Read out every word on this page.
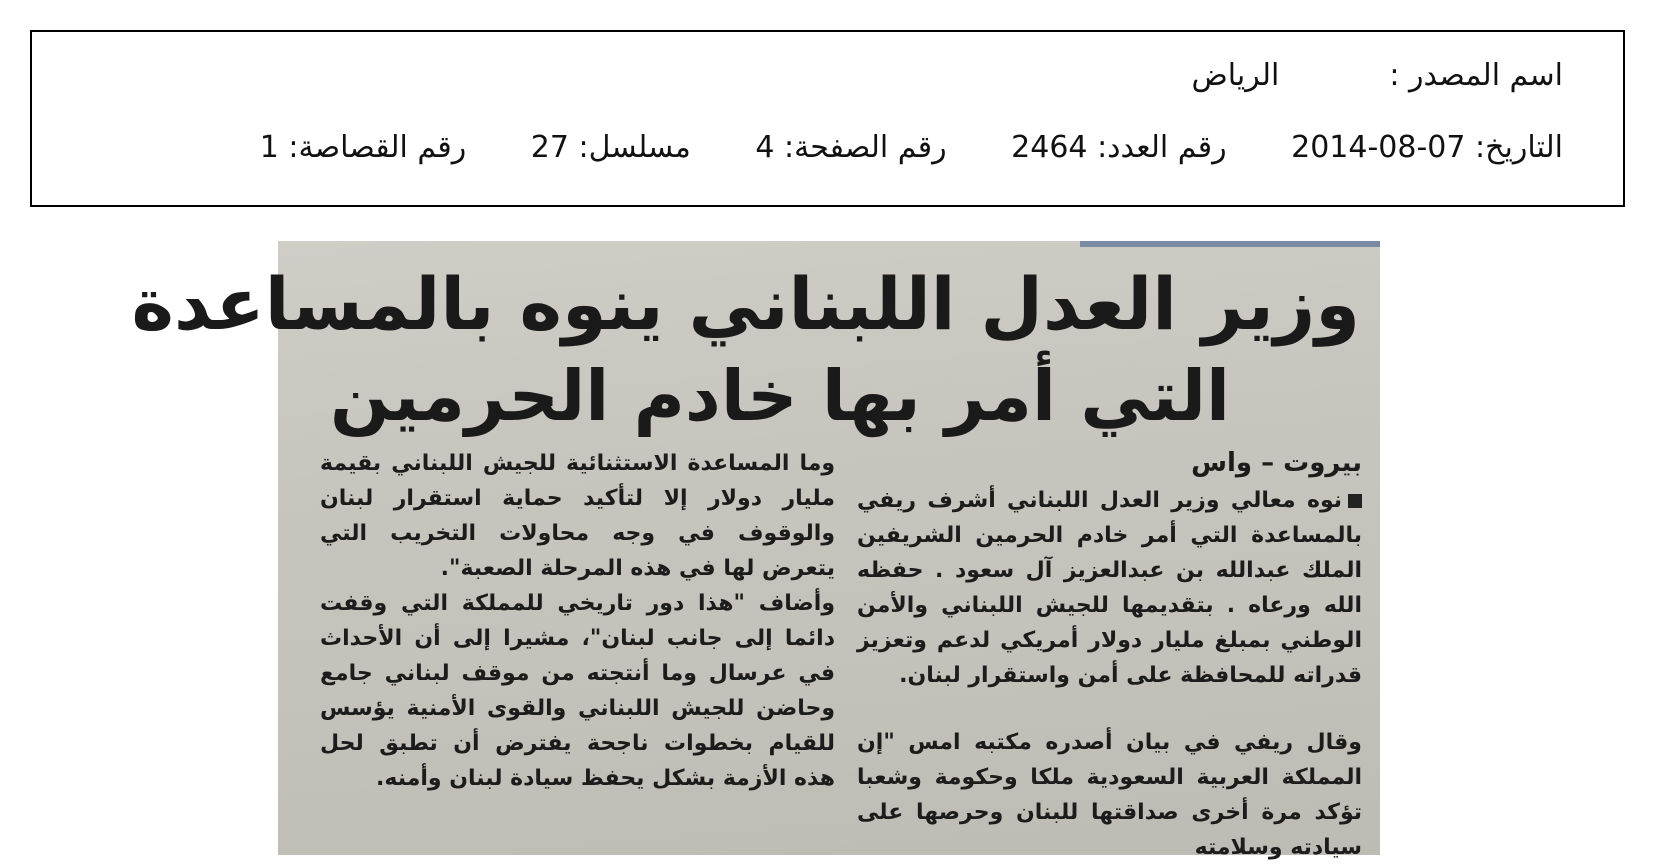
اسم المصدر :الرياض
التاريخ: 2014-08-07 رقم العدد: 2464 رقم الصفحة: 4 مسلسل: 27 رقم القصاصة: 1
وزير العدل اللبناني ينوه بالمساعدة
التي أمر بها خادم الحرمين
بيروت – واس

نوه معالي وزير العدل اللبناني أشرف ريفي بالمساعدة التي أمر خادم الحرمين الشريفين الملك عبدالله بن عبدالعزيز آل سعود . حفظه الله ورعاه . بتقديمها للجيش اللبناني والأمن الوطني بمبلغ مليار دولار أمريكي لدعم وتعزيز قدراته للمحافظة على أمن واستقرار لبنان.

وقال ريفي في بيان أصدره مكتبه امس "إن المملكة العربية السعودية ملكا وحكومة وشعبا تؤكد مرة أخرى صداقتها للبنان وحرصها على سيادته وسلامته

وما المساعدة الاستثنائية للجيش اللبناني بقيمة مليار دولار إلا لتأكيد حماية استقرار لبنان والوقوف في وجه محاولات التخريب التي يتعرض لها في هذه المرحلة الصعبة".

وأضاف "هذا دور تاريخي للمملكة التي وقفت دائما إلى جانب لبنان"، مشيرا إلى أن الأحداث في عرسال وما أنتجته من موقف لبناني جامع وحاضن للجيش اللبناني والقوى الأمنية يؤسس للقيام بخطوات ناجحة يفترض أن تطبق لحل هذه الأزمة بشكل يحفظ سيادة لبنان وأمنه.
